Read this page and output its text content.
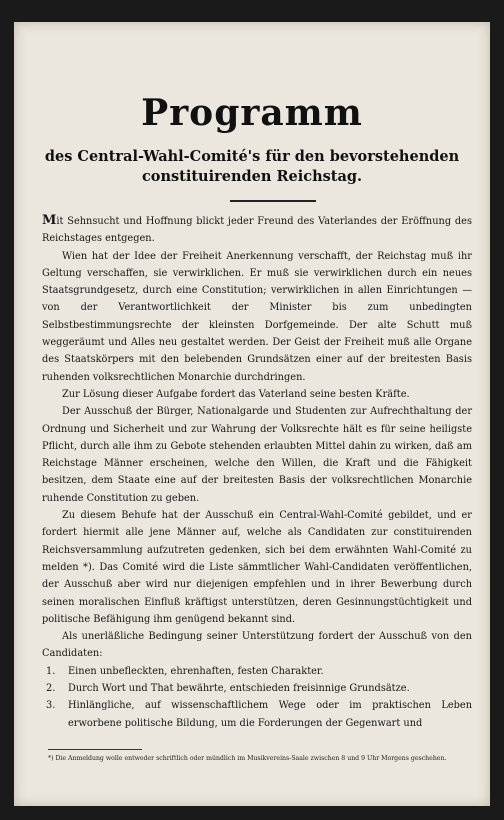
Programm
des Central-Wahl-Comité's für den bevorstehenden
constituirenden Reichstag.

Mit Sehnsucht und Hoffnung blickt jeder Freund des Vaterlandes der Eröffnung des Reichstages entgegen.

Wien hat der Idee der Freiheit Anerkennung verschafft, der Reichstag muß ihr Geltung verschaffen, sie verwirklichen. Er muß sie verwirklichen durch ein neues Staatsgrundgesetz, durch eine Constitution; verwirklichen in allen Einrichtungen — von der Verantwortlichkeit der Minister bis zum unbedingten Selbstbestimmungsrechte der kleinsten Dorfgemeinde. Der alte Schutt muß weggeräumt und Alles neu gestaltet werden. Der Geist der Freiheit muß alle Organe des Staatskörpers mit den belebenden Grundsätzen einer auf der breitesten Basis ruhenden volksrechtlichen Monarchie durchdringen.

Zur Lösung dieser Aufgabe fordert das Vaterland seine besten Kräfte.

Der Ausschuß der Bürger, Nationalgarde und Studenten zur Aufrechthaltung der Ordnung und Sicherheit und zur Wahrung der Volksrechte hält es für seine heiligste Pflicht, durch alle ihm zu Gebote stehenden erlaubten Mittel dahin zu wirken, daß am Reichstage Männer erscheinen, welche den Willen, die Kraft und die Fähigkeit besitzen, dem Staate eine auf der breitesten Basis der volksrechtlichen Monarchie ruhende Constitution zu geben.

Zu diesem Behufe hat der Ausschuß ein Central-Wahl-Comité gebildet, und er fordert hiermit alle jene Männer auf, welche als Candidaten zur constituirenden Reichsversammlung aufzutreten gedenken, sich bei dem erwähnten Wahl-Comité zu melden *). Das Comité wird die Liste sämmtlicher Wahl-Candidaten veröffentlichen, der Ausschuß aber wird nur diejenigen empfehlen und in ihrer Bewerbung durch seinen moralischen Einfluß kräftigst unterstützen, deren Gesinnungstüchtigkeit und politische Befähigung ihm genügend bekannt sind.

Als unerläßliche Bedingung seiner Unterstützung fordert der Ausschuß von den Candidaten:

1.	Einen unbefleckten, ehrenhaften, festen Charakter.
2.	Durch Wort und That bewährte, entschieden freisinnige Grundsätze.
3.	Hinlängliche, auf wissenschaftlichem Wege oder im praktischen Leben erworbene politische Bildung, um die Forderungen der Gegenwart und
*) Die Anmeldung wolle entweder schriftlich oder mündlich im Musikvereins-Saale zwischen 8 und 9 Uhr Morgens geschehen.
